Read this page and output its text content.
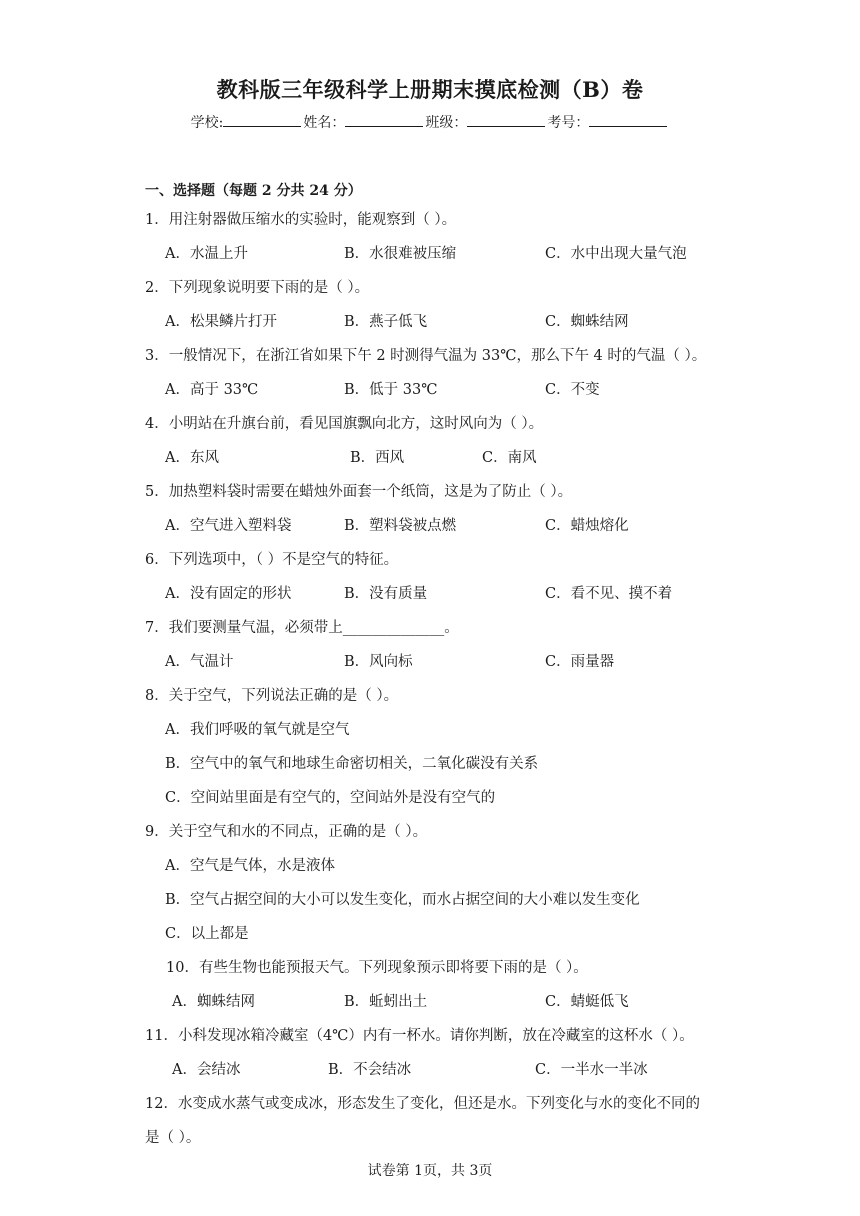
教科版三年级科学上册期末摸底检测（B）卷
学校:	姓名：	班级：	考号：
一、选择题（每题 2 分共 24 分）
1．用注射器做压缩水的实验时，能观察到（ ）。
A．水温上升	B．水很难被压缩	C．水中出现大量气泡
2．下列现象说明要下雨的是（ ）。
A．松果鳞片打开	B．燕子低飞	C．蜘蛛结网
3．一般情况下，在浙江省如果下午 2 时测得气温为 33℃，那么下午 4 时的气温（ ）。
A．高于 33℃	B．低于 33℃	C．不变
4．小明站在升旗台前，看见国旗飘向北方，这时风向为（ ）。
A．东风	B．西风	C．南风
5．加热塑料袋时需要在蜡烛外面套一个纸筒，这是为了防止（ ）。
A．空气进入塑料袋	B．塑料袋被点燃	C．蜡烛熔化
6．下列选项中，（ ）不是空气的特征。
A．没有固定的形状	B．没有质量	C．看不见、摸不着
7．我们要测量气温，必须带上______________。
A．气温计	B．风向标	C．雨量器
8．关于空气，下列说法正确的是（ ）。
A．我们呼吸的氧气就是空气
B．空气中的氧气和地球生命密切相关，二氧化碳没有关系
C．空间站里面是有空气的，空间站外是没有空气的
9．关于空气和水的不同点，正确的是（ ）。
A．空气是气体，水是液体
B．空气占据空间的大小可以发生变化，而水占据空间的大小难以发生变化
C．以上都是
10．有些生物也能预报天气。下列现象预示即将要下雨的是（ ）。
A．蜘蛛结网	B．蚯蚓出土	C．蜻蜓低飞
11．小科发现冰箱冷藏室（4℃）内有一杯水。请你判断，放在冷藏室的这杯水（ ）。
A．会结冰	B．不会结冰	C．一半水一半冰
12．水变成水蒸气或变成冰，形态发生了变化，但还是水。下列变化与水的变化不同的
是（ ）。
试卷第 1页，共 3页
